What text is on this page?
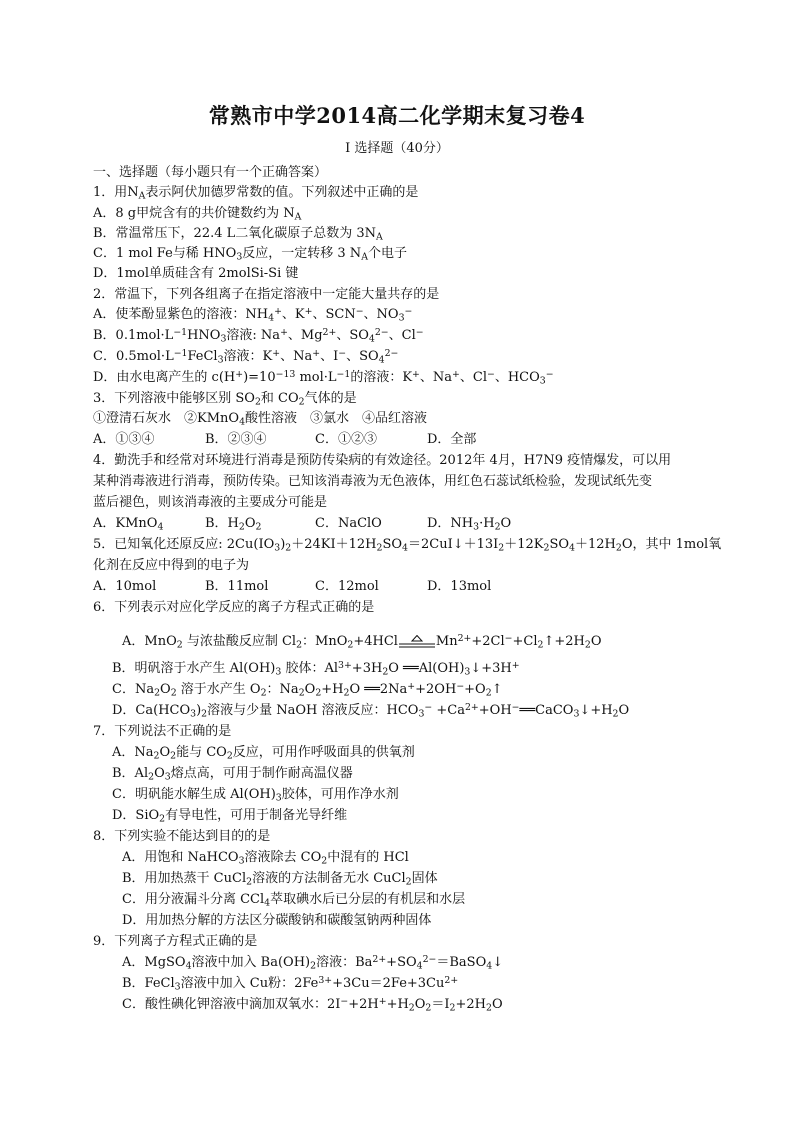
常熟市中学2014高二化学期末复习卷4
I 选择题（40分）
一、选择题（每小题只有一个正确答案）
1．用$N_A$表示阿伏加德罗常数的值。下列叙述中正确的是
A．8 g甲烷含有的共价键数约为 $N_A$
B．常温常压下，22.4 L二氧化碳原子总数为 $3N_A$
C．1 mol Fe与稀 $HNO_3$反应，一定转移 3 $N_A$个电子
D．1mol单质硅含有 2molSi-Si 键
2．常温下，下列各组离子在指定溶液中一定能大量共存的是
A．使苯酚显紫色的溶液：$NH_4^+$、K+、SCN−、$NO_3^-$
B．$0.1mol\cdot L^{-1}HNO_3$溶液: Na+、$Mg^{2+}$、$SO_4^{2-}$、Cl−
C．$0.5mol\cdot L^{-1}FeCl_3$溶液：K+、Na+、I−、$SO_4^{2-}$
D．由水电离产生的 $c(H^+)=10^{-13}$ $mol\cdot L^{-1}$的溶液：K+、Na+、Cl−、$HCO_3^-$
3．下列溶液中能够区别 $SO_2$和 $CO_2$气体的是
①澄清石灰水　②KMnO$_4$酸性溶液　③氯水　④品红溶液
A．①③④	B．②③④	C．①②③	D．全部
4．勤洗手和经常对环境进行消毒是预防传染病的有效途径。2012年 4月，H7N9 疫情爆发，可以用
某种消毒液进行消毒，预防传染。已知该消毒液为无色液体，用红色石蕊试纸检验，发现试纸先变
蓝后褪色，则该消毒液的主要成分可能是
A．KMnO$_4$	B．$H_2O_2$	C．NaClO	D．$NH_3\cdot H_2O$
5．已知氧化还原反应: $2Cu(IO_3)_2+24KI+12H_2SO_4=2CuI↓+13I_2+12K_2SO_4+12H_2O$，其中 1mol氧
化剂在反应中得到的电子为
A．10mol	B．11mol	C．12mol	D．13mol
6．下列表示对应化学反应的离子方程式正确的是
A．MnO$_2$ 与浓盐酸反应制 $Cl_2$：MnO$_2$+4HCl	$Mn^{2+}+2Cl^-+Cl_2↑+2H_2O$
B．明矾溶于水产生 $Al(OH)_3$ 胶体：$Al^{3+}+3H_2O$ $══Al(OH)_3↓+3H^+$
C．$Na_2O_2$ 溶于水产生 $O_2$：$Na_2O_2+H_2O$ $══2Na^++2OH^-+O_2↑$
D．$Ca(HCO_3)_2$溶液与少量 NaOH 溶液反应：$HCO_3^-$ $+Ca^{2+}+OH^-══CaCO_3↓+H_2O$
7．下列说法不正确的是
A．$Na_2O_2$能与 $CO_2$反应，可用作呼吸面具的供氧剂
B．$Al_2O_3$熔点高，可用于制作耐高温仪器
C．明矾能水解生成 $Al(OH)_3$胶体，可用作净水剂
D．SiO$_2$有导电性，可用于制备光导纤维
8．下列实验不能达到目的的是
A．用饱和 NaHCO$_3$溶液除去 $CO_2$中混有的 HCl
B．用加热蒸干 CuCl$_2$溶液的方法制备无水 CuCl$_2$固体
C．用分液漏斗分离 CCl$_4$萃取碘水后已分层的有机层和水层
D．用加热分解的方法区分碳酸钠和碳酸氢钠两种固体
9．下列离子方程式正确的是
A．MgSO$_4$溶液中加入 $Ba(OH)_2$溶液：$Ba^{2+}+SO_4^{2-}=BaSO_4↓$
B．FeCl$_3$溶液中加入 Cu粉：$2Fe^{3+}+3Cu=2Fe+3Cu^{2+}$
C．酸性碘化钾溶液中滴加双氧水：$2I^-+2H^++H_2O_2=I_2+2H_2O$
